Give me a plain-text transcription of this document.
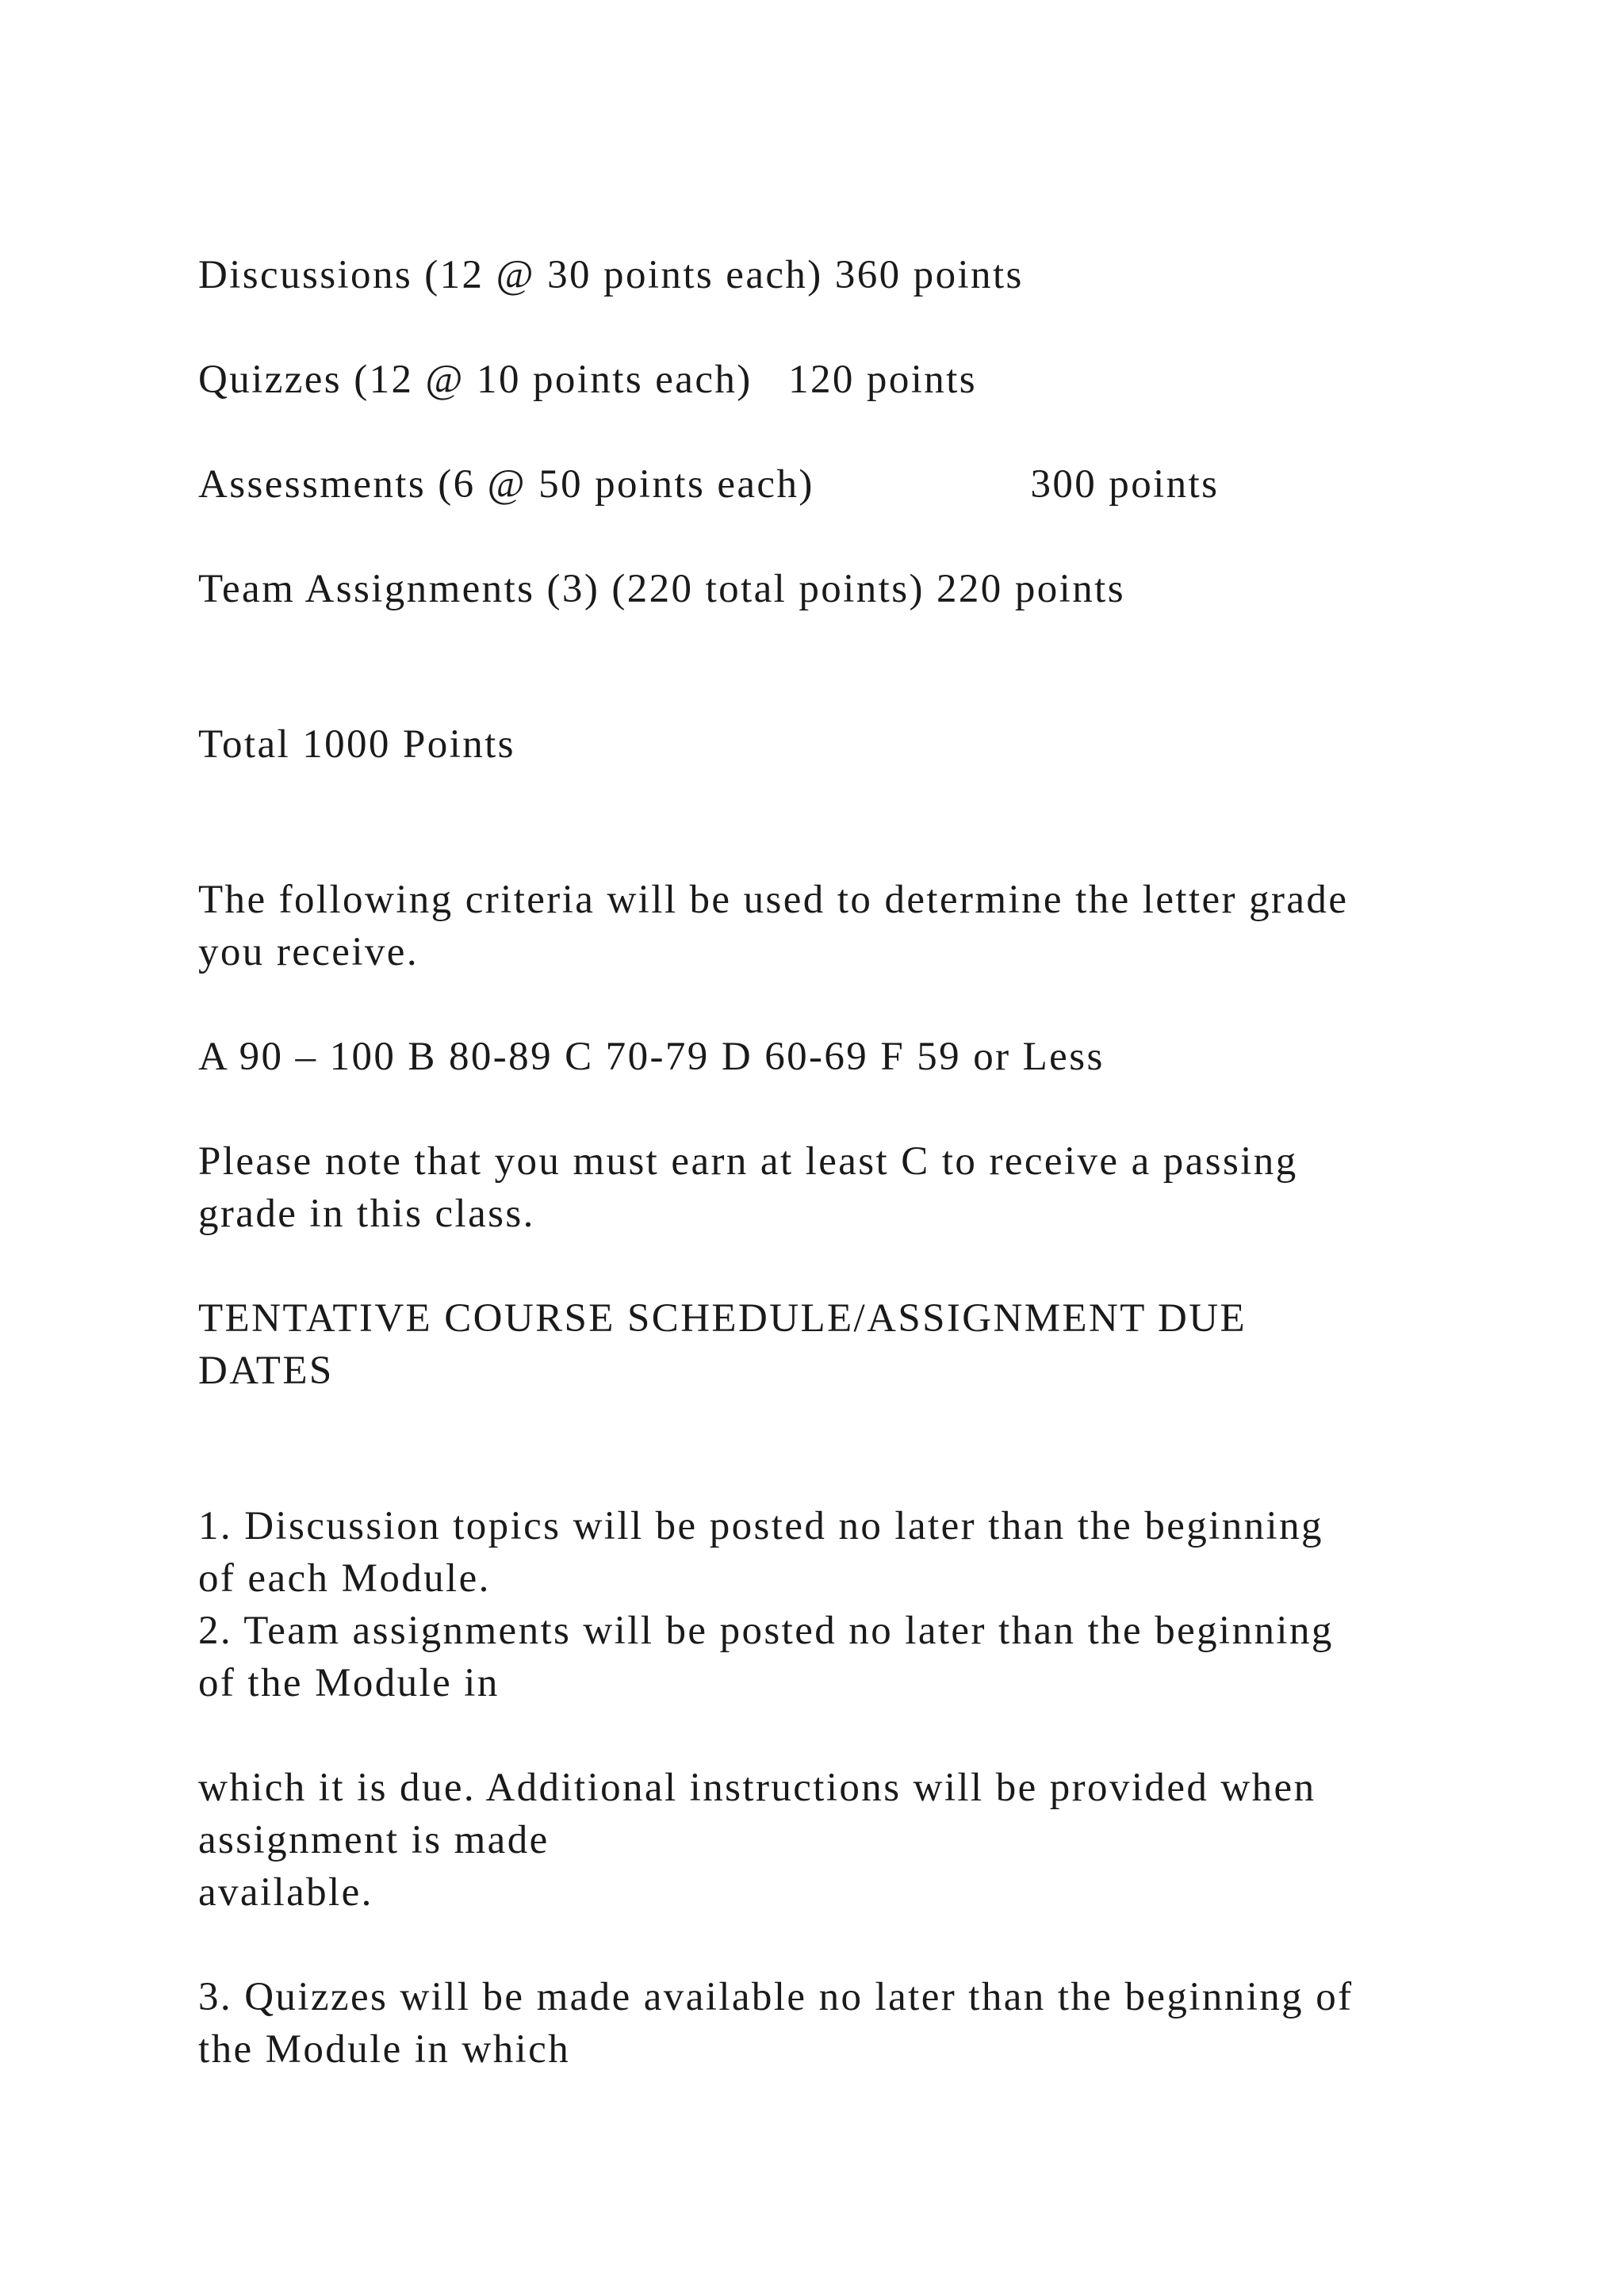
Discussions (12 @ 30 points each) 360 points

Quizzes (12 @ 10 points each)   120 points

Assessments (6 @ 50 points each)                  300 points

Team Assignments (3) (220 total points) 220 points

Total 1000 Points

The following criteria will be used to determine the letter grade

you receive.

A 90 – 100 B 80-89 C 70-79 D 60-69 F 59 or Less

Please note that you must earn at least C to receive a passing

grade in this class.

TENTATIVE COURSE SCHEDULE/ASSIGNMENT DUE

DATES

1. Discussion topics will be posted no later than the beginning

of each Module.

2. Team assignments will be posted no later than the beginning

of the Module in

which it is due. Additional instructions will be provided when

assignment is made

available.

3. Quizzes will be made available no later than the beginning of

the Module in which
